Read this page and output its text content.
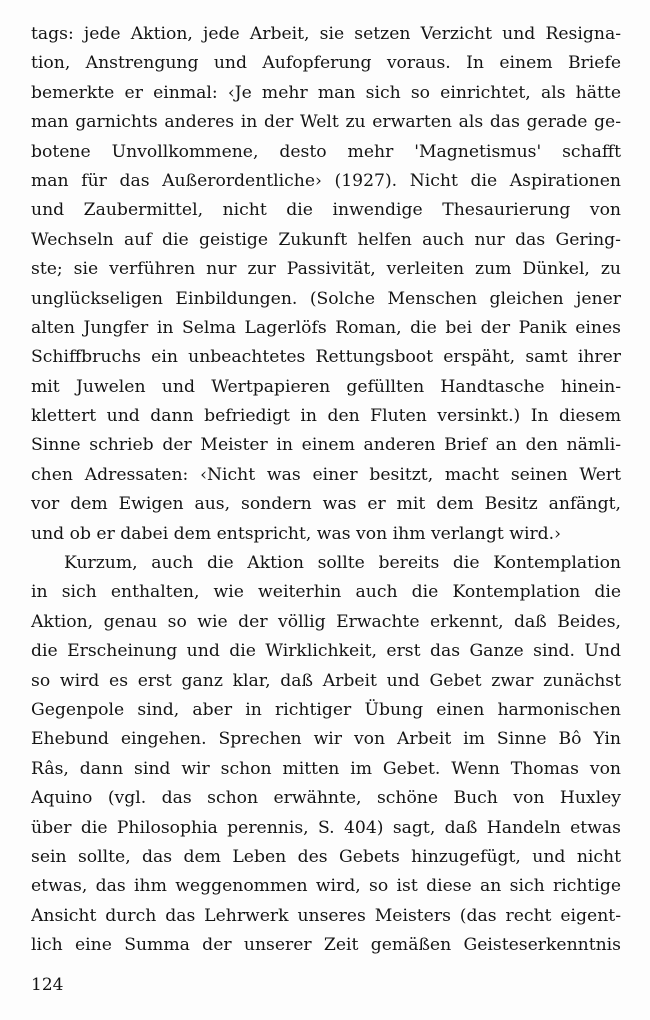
tags: jede Aktion, jede Arbeit, sie setzen Verzicht und Resigna-
tion, Anstrengung und Aufopferung voraus. In einem Briefe
bemerkte er einmal: ‹Je mehr man sich so einrichtet, als hätte
man garnichts anderes in der Welt zu erwarten als das gerade ge-
botene Unvollkommene, desto mehr 'Magnetismus' schafft
man für das Außerordentliche› (1927). Nicht die Aspirationen
und Zaubermittel, nicht die inwendige Thesaurierung von
Wechseln auf die geistige Zukunft helfen auch nur das Gering-
ste; sie verführen nur zur Passivität, verleiten zum Dünkel, zu
unglückseligen Einbildungen. (Solche Menschen gleichen jener
alten Jungfer in Selma Lagerlöfs Roman, die bei der Panik eines
Schiffbruchs ein unbeachtetes Rettungsboot erspäht, samt ihrer
mit Juwelen und Wertpapieren gefüllten Handtasche hinein-
klettert und dann befriedigt in den Fluten versinkt.) In diesem
Sinne schrieb der Meister in einem anderen Brief an den nämli-
chen Adressaten: ‹Nicht was einer besitzt, macht seinen Wert
vor dem Ewigen aus, sondern was er mit dem Besitz anfängt,
und ob er dabei dem entspricht, was von ihm verlangt wird.›
Kurzum, auch die Aktion sollte bereits die Kontemplation
in sich enthalten, wie weiterhin auch die Kontemplation die
Aktion, genau so wie der völlig Erwachte erkennt, daß Beides,
die Erscheinung und die Wirklichkeit, erst das Ganze sind. Und
so wird es erst ganz klar, daß Arbeit und Gebet zwar zunächst
Gegenpole sind, aber in richtiger Übung einen harmonischen
Ehebund eingehen. Sprechen wir von Arbeit im Sinne Bô Yin
Râs, dann sind wir schon mitten im Gebet. Wenn Thomas von
Aquino (vgl. das schon erwähnte, schöne Buch von Huxley
über die Philosophia perennis, S. 404) sagt, daß Handeln etwas
sein sollte, das dem Leben des Gebets hinzugefügt, und nicht
etwas, das ihm weggenommen wird, so ist diese an sich richtige
Ansicht durch das Lehrwerk unseres Meisters (das recht eigent-
lich eine Summa der unserer Zeit gemäßen Geisteserkenntnis
124
